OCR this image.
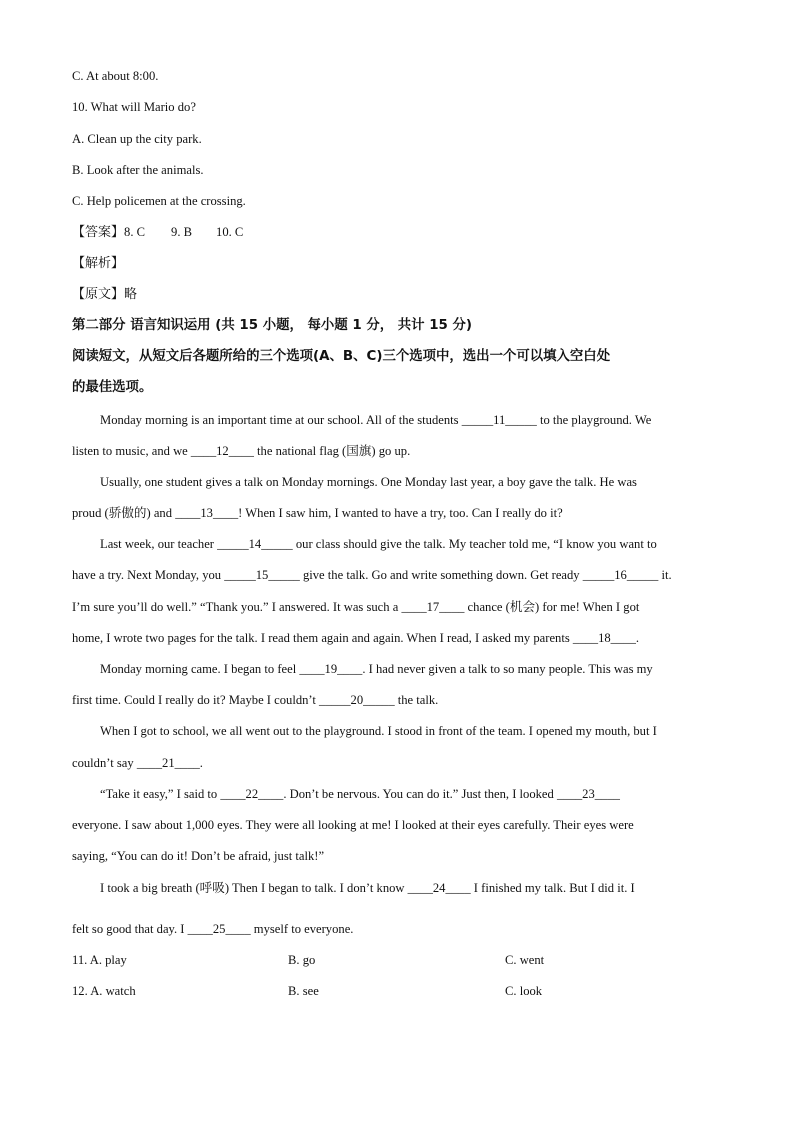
C. At about 8:00.
10. What will Mario do?
A. Clean up the city park.
B. Look after the animals.
C. Help policemen at the crossing.
【答案】8. C 9. B 10. C
【解析】
【原文】略
第二部分 语言知识运用 (共 15 小题， 每小题 1 分， 共计 15 分)
阅读短文，从短文后各题所给的三个选项(A、B、C)三个选项中，选出一个可以填入空白处
的最佳选项。
Monday morning is an important time at our school. All of the students _____11_____ to the playground. We
listen to music, and we ____12____ the national flag (国旗) go up.
Usually, one student gives a talk on Monday mornings. One Monday last year, a boy gave the talk. He was
proud (骄傲的) and ____13____! When I saw him, I wanted to have a try, too. Can I really do it?
Last week, our teacher _____14_____ our class should give the talk. My teacher told me, “I know you want to
have a try. Next Monday, you _____15_____ give the talk. Go and write something down. Get ready _____16_____ it.
I’m sure you’ll do well.” “Thank you.” I answered. It was such a ____17____ chance (机会) for me! When I got
home, I wrote two pages for the talk. I read them again and again. When I read, I asked my parents ____18____.
Monday morning came. I began to feel ____19____. I had never given a talk to so many people. This was my
first time. Could I really do it? Maybe I couldn’t _____20_____ the talk.
When I got to school, we all went out to the playground. I stood in front of the team. I opened my mouth, but I
couldn’t say ____21____.
“Take it easy,” I said to ____22____. Don’t be nervous. You can do it.” Just then, I looked ____23____
everyone. I saw about 1,000 eyes. They were all looking at me! I looked at their eyes carefully. Their eyes were
saying, “You can do it! Don’t be afraid, just talk!”
I took a big breath (呼吸) Then I began to talk. I don’t know ____24____ I finished my talk. But I did it. I
felt so good that day. I ____25____ myself to everyone.
11. A. play	B. go	C. went
12. A. watch	B. see	C. look
